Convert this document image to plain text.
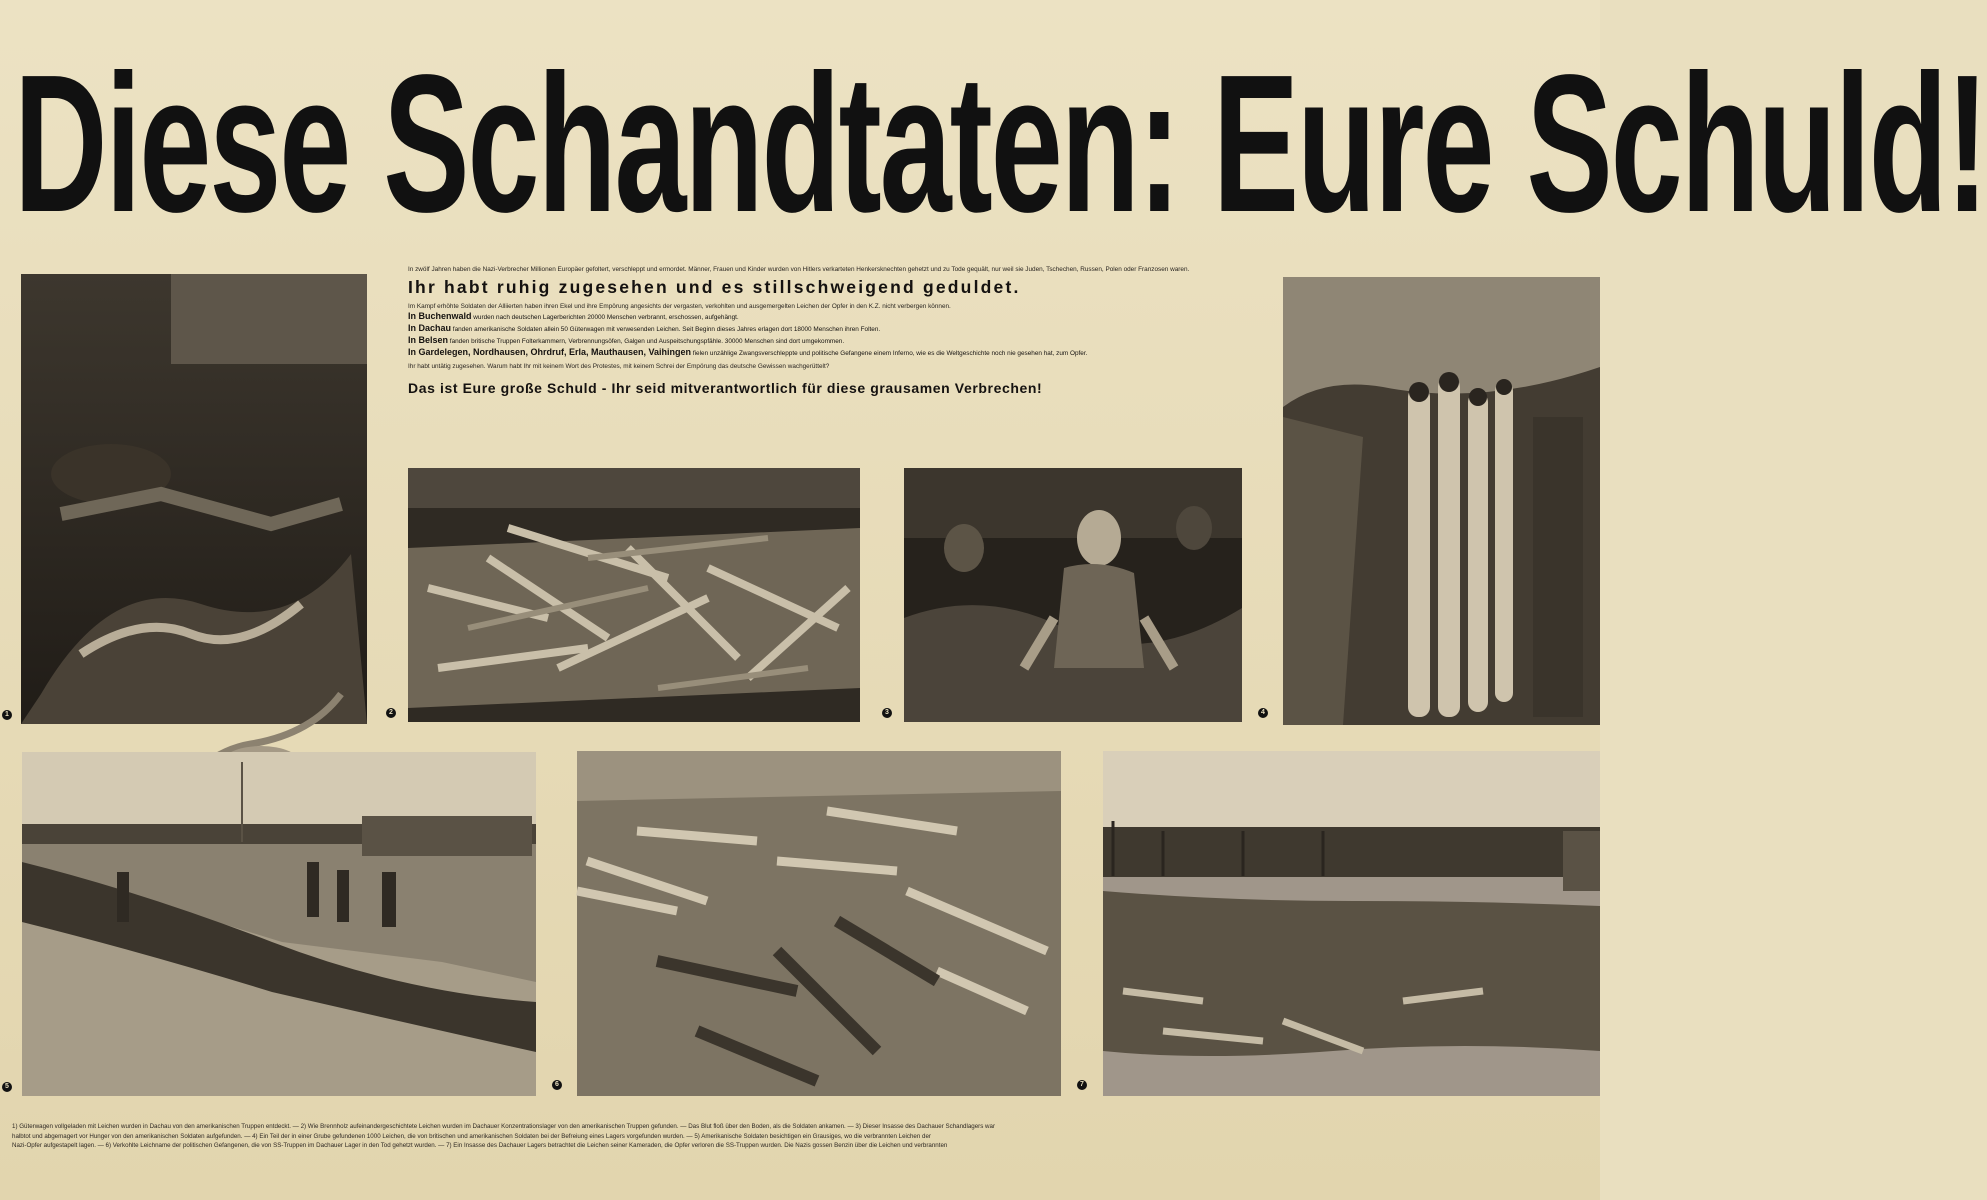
Diese Schandtaten: Eure Schuld!
1

In zwölf Jahren haben die Nazi-Verbrecher Millionen Europäer gefoltert, verschleppt und ermordet. Männer, Frauen und Kinder wurden von Hitlers verkarteten Henkersknechten gehetzt und zu Tode gequält, nur weil sie Juden, Tschechen, Russen, Polen oder Franzosen waren.

Ihr habt ruhig zugesehen und es stillschweigend geduldet.

Im Kampf erhöhte Soldaten der Alliierten haben ihren Ekel und ihre Empörung angesichts der vergasten, verkohlten und ausgemergelten Leichen der Opfer in den K.Z. nicht verbergen können.

In Buchenwald wurden nach deutschen Lagerberichten 20000 Menschen verbrannt, erschossen, aufgehängt.
In Dachau fanden amerikanische Soldaten allein 50 Güterwagen mit verwesenden Leichen. Seit Beginn dieses Jahres erlagen dort 18000 Menschen ihren Folten.
In Belsen fanden britische Truppen Folterkammern, Verbrennungsöfen, Galgen und Auspeitschungspfähle. 30000 Menschen sind dort umgekommen.
In Gardelegen, Nordhausen, Ohrdruf, Erla, Mauthausen, Vaihingen fielen unzählige Zwangsverschleppte und politische Gefangene einem Inferno, wie es die Weltgeschichte noch nie gesehen hat, zum Opfer.

Ihr habt untätig zugesehen. Warum habt Ihr mit keinem Wort des Protestes, mit keinem Schrei der Empörung das deutsche Gewissen wachgerüttelt?

Das ist Eure große Schuld - Ihr seid mitverantwortlich für diese grausamen Verbrechen!
2	3	4
5	6	7

1) Güterwagen vollgeladen mit Leichen wurden in Dachau von den amerikanischen Truppen entdeckt. — 2) Wie Brennholz aufeinandergeschichtete Leichen wurden im Dachauer Konzentrationslager von den amerikanischen Truppen gefunden. — Das Blut floß über den Boden, als die Soldaten ankamen. — 3) Dieser Insasse des Dachauer Schandlagers war

halbtot und abgemagert vor Hunger von den amerikanischen Soldaten aufgefunden. — 4) Ein Teil der in einer Grube gefundenen 1000 Leichen, die von britischen und amerikanischen Soldaten bei der Befreiung eines Lagers vorgefunden wurden. — 5) Amerikanische Soldaten besichtigen ein Grausiges, wo die verbrannten Leichen der

Nazi-Opfer aufgestapelt lagen. — 6) Verkohlte Leichname der politischen Gefangenen, die von SS-Truppen im Dachauer Lager in den Tod gehetzt wurden. — 7) Ein Insasse des Dachauer Lagers betrachtet die Leichen seiner Kameraden, die Opfer verloren die SS-Truppen wurden. Die Nazis gossen Benzin über die Leichen und verbrannten
